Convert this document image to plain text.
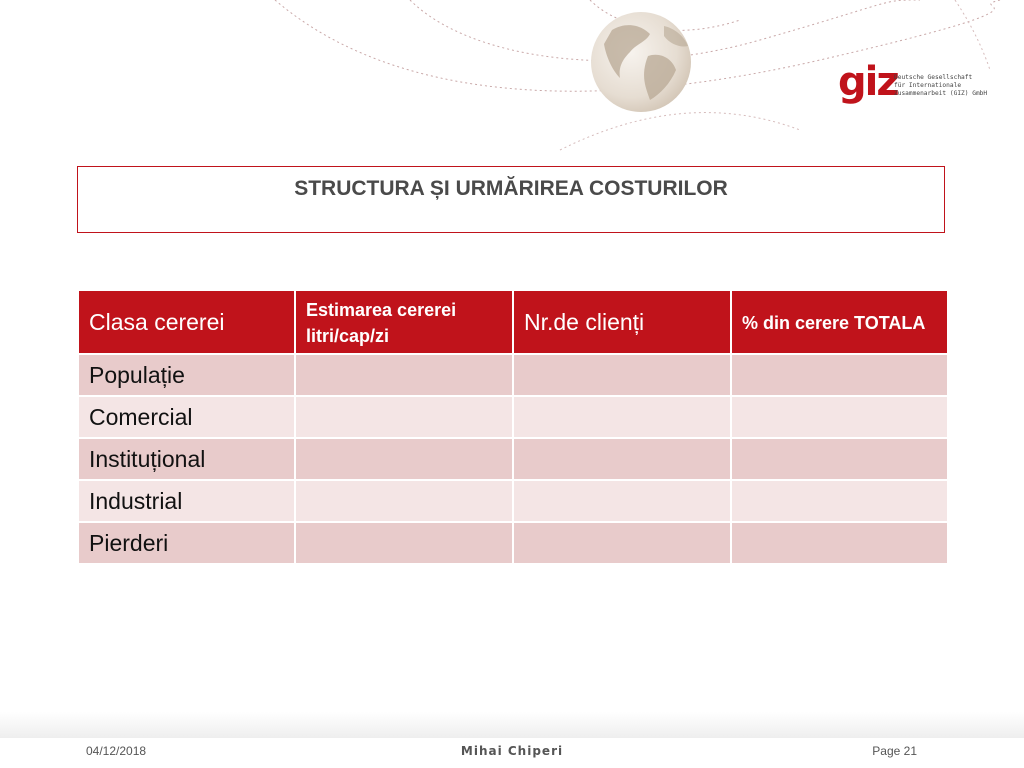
giz
Deutsche Gesellschaft
für Internationale
Zusammenarbeit (GIZ) GmbH
STRUCTURA ȘI URMĂRIREA COSTURILOR
Clasa cererei	Estimarea cererei litri/cap/zi	Nr.de clienți	% din cerere TOTALA
Populație			
Comercial			
Instituțional			
Industrial			
Pierderi			
04/12/2018	Mihai Chiperi	Page 21
